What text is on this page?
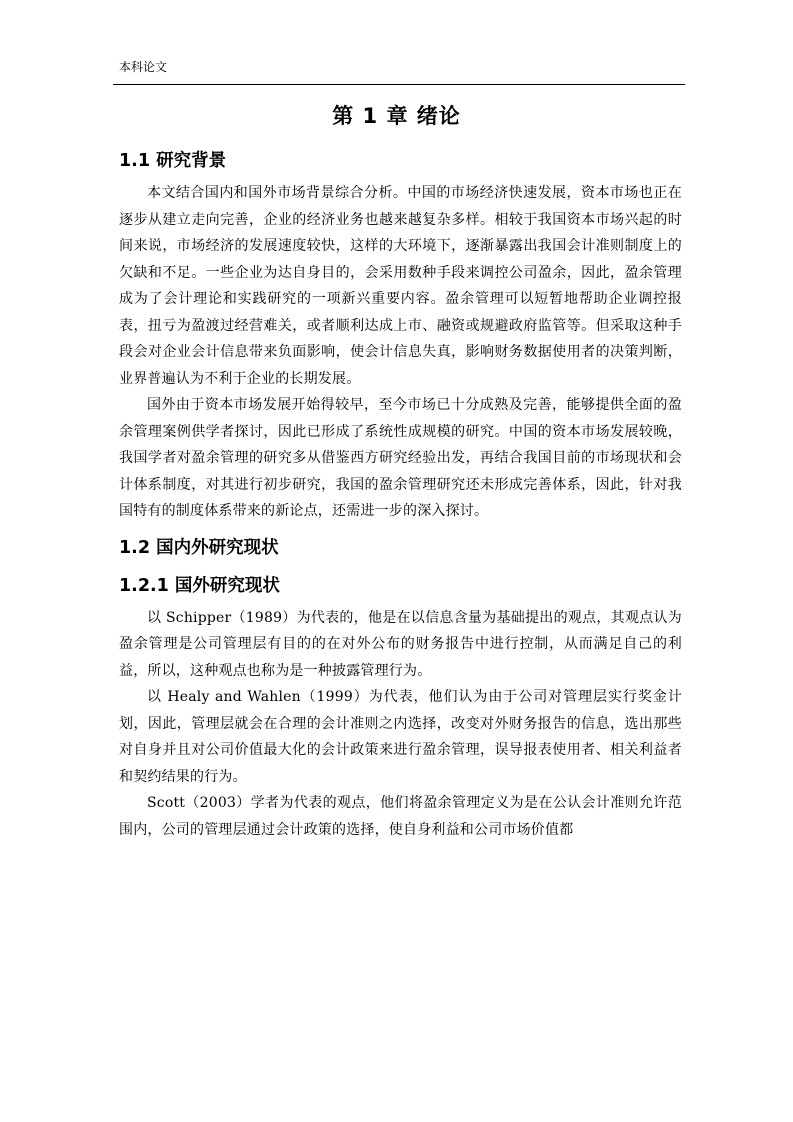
本科论文
第 1 章 绪论
1.1 研究背景

本文结合国内和国外市场背景综合分析。中国的市场经济快速发展，资本市场也正在逐步从建立走向完善，企业的经济业务也越来越复杂多样。相较于我国资本市场兴起的时间来说，市场经济的发展速度较快，这样的大环境下，逐渐暴露出我国会计准则制度上的欠缺和不足。一些企业为达自身目的，会采用数种手段来调控公司盈余，因此，盈余管理成为了会计理论和实践研究的一项新兴重要内容。盈余管理可以短暂地帮助企业调控报表，扭亏为盈渡过经营难关，或者顺利达成上市、融资或规避政府监管等。但采取这种手段会对企业会计信息带来负面影响，使会计信息失真，影响财务数据使用者的决策判断，业界普遍认为不利于企业的长期发展。

国外由于资本市场发展开始得较早，至今市场已十分成熟及完善，能够提供全面的盈余管理案例供学者探讨，因此已形成了系统性成规模的研究。中国的资本市场发展较晚，我国学者对盈余管理的研究多从借鉴西方研究经验出发，再结合我国目前的市场现状和会计体系制度，对其进行初步研究，我国的盈余管理研究还未形成完善体系，因此，针对我国特有的制度体系带来的新论点，还需进一步的深入探讨。

1.2 国内外研究现状
1.2.1 国外研究现状

以 Schipper（1989）为代表的，他是在以信息含量为基础提出的观点，其观点认为盈余管理是公司管理层有目的的在对外公布的财务报告中进行控制，从而满足自己的利益，所以，这种观点也称为是一种披露管理行为。

以 Healy and Wahlen（1999）为代表，他们认为由于公司对管理层实行奖金计划，因此，管理层就会在合理的会计准则之内选择，改变对外财务报告的信息，选出那些对自身并且对公司价值最大化的会计政策来进行盈余管理，误导报表使用者、相关利益者和契约结果的行为。

Scott（2003）学者为代表的观点，他们将盈余管理定义为是在公认会计准则允许范围内，公司的管理层通过会计政策的选择，使自身利益和公司市场价值都
